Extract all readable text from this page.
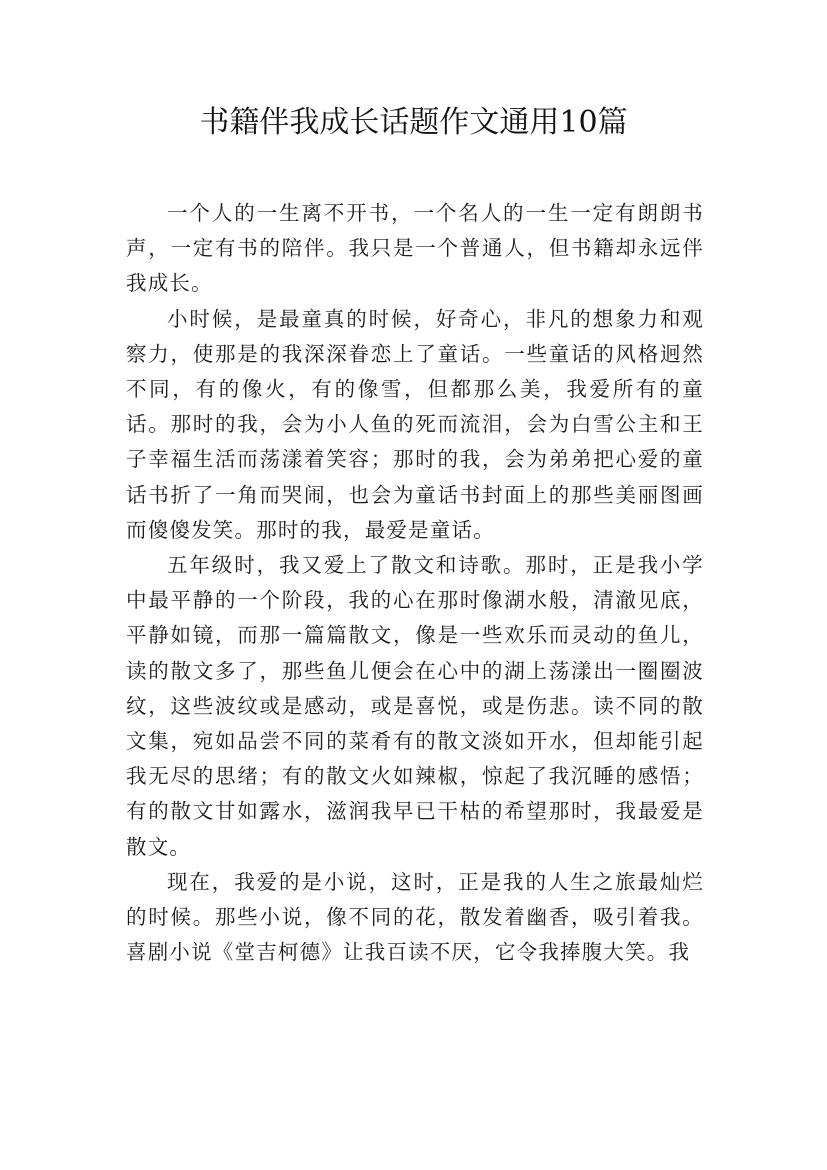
书籍伴我成长话题作文通用10篇

一个人的一生离不开书，一个名人的一生一定有朗朗书声，一定有书的陪伴。我只是一个普通人，但书籍却永远伴我成长。

小时候，是最童真的时候，好奇心，非凡的想象力和观察力，使那是的我深深眷恋上了童话。一些童话的风格迥然不同，有的像火，有的像雪，但都那么美，我爱所有的童话。那时的我，会为小人鱼的死而流泪，会为白雪公主和王子幸福生活而荡漾着笑容；那时的我，会为弟弟把心爱的童话书折了一角而哭闹，也会为童话书封面上的那些美丽图画而傻傻发笑。那时的我，最爱是童话。

五年级时，我又爱上了散文和诗歌。那时，正是我小学中最平静的一个阶段，我的心在那时像湖水般，清澈见底，平静如镜，而那一篇篇散文，像是一些欢乐而灵动的鱼儿，读的散文多了，那些鱼儿便会在心中的湖上荡漾出一圈圈波纹，这些波纹或是感动，或是喜悦，或是伤悲。读不同的散文集，宛如品尝不同的菜肴有的散文淡如开水，但却能引起我无尽的思绪；有的散文火如辣椒，惊起了我沉睡的感悟；有的散文甘如露水，滋润我早已干枯的希望那时，我最爱是散文。

现在，我爱的是小说，这时，正是我的人生之旅最灿烂的时候。那些小说，像不同的花，散发着幽香，吸引着我。喜剧小说《堂吉柯德》让我百读不厌，它令我捧腹大笑。我
